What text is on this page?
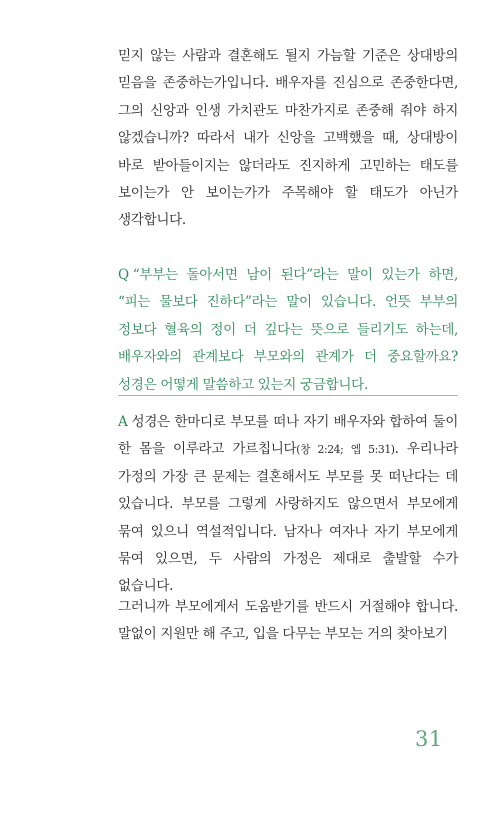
믿지 않는 사람과 결혼해도 될지 가늠할 기준은 상대방의 믿음을 존중하는가입니다. 배우자를 진심으로 존중한다면, 그의 신앙과 인생 가치관도 마찬가지로 존중해 줘야 하지 않겠습니까? 따라서 내가 신앙을 고백했을 때, 상대방이 바로 받아들이지는 않더라도 진지하게 고민하는 태도를 보이는가 안 보이는가가 주목해야 할 태도가 아닌가 생각합니다.

Q “부부는 돌아서면 남이 된다”라는 말이 있는가 하면, “피는 물보다 진하다”라는 말이 있습니다. 언뜻 부부의 정보다 혈육의 정이 더 깊다는 뜻으로 들리기도 하는데, 배우자와의 관계보다 부모와의 관계가 더 중요할까요? 성경은 어떻게 말씀하고 있는지 궁금합니다.

A 성경은 한마디로 부모를 떠나 자기 배우자와 합하여 둘이 한 몸을 이루라고 가르칩니다(창 2:24; 엡 5:31). 우리나라 가정의 가장 큰 문제는 결혼해서도 부모를 못 떠난다는 데 있습니다. 부모를 그렇게 사랑하지도 않으면서 부모에게 묶여 있으니 역설적입니다. 남자나 여자나 자기 부모에게 묶여 있으면, 두 사람의 가정은 제대로 출발할 수가 없습니다.

그러니까 부모에게서 도움받기를 반드시 거절해야 합니다. 말없이 지원만 해 주고, 입을 다무는 부모는 거의 찾아보기

31
